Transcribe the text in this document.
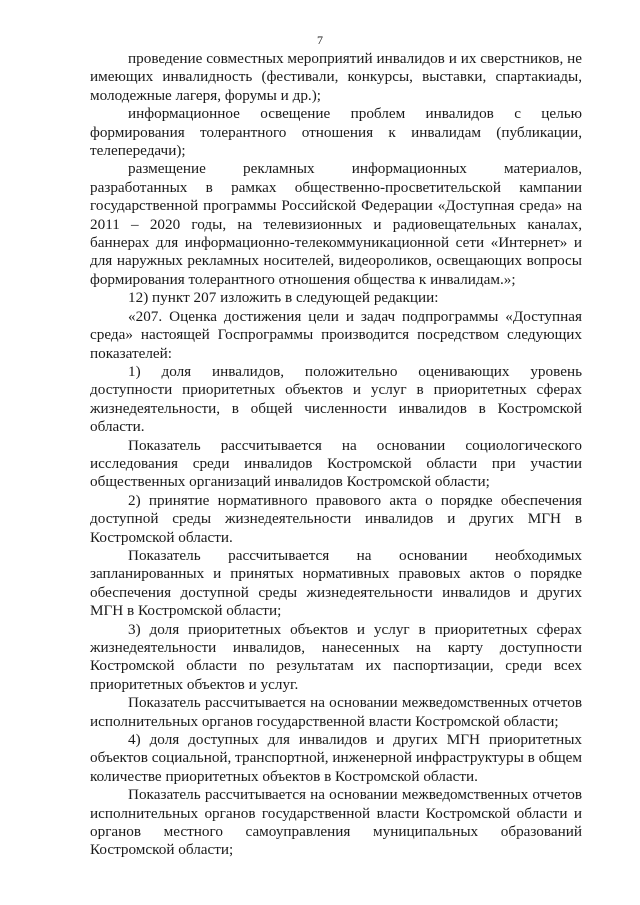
7

проведение совместных мероприятий инвалидов и их сверстников, не имеющих инвалидность (фестивали, конкурсы, выставки, спартакиады, молодежные лагеря, форумы и др.);

информационное освещение проблем инвалидов с целью формирования толерантного отношения к инвалидам (публикации, телепередачи);

размещение рекламных информационных материалов, разработанных в рамках общественно-просветительской кампании государственной программы Российской Федерации «Доступная среда» на 2011 – 2020 годы, на телевизионных и радиовещательных каналах, баннерах для информационно-телекоммуникационной сети «Интернет» и для наружных рекламных носителей, видеороликов, освещающих вопросы формирования толерантного отношения общества к инвалидам.»;

12) пункт 207 изложить в следующей редакции:

«207. Оценка достижения цели и задач подпрограммы «Доступная среда» настоящей Госпрограммы производится посредством следующих показателей:

1) доля инвалидов, положительно оценивающих уровень доступности приоритетных объектов и услуг в приоритетных сферах жизнедеятельности, в общей численности инвалидов в Костромской области.

Показатель рассчитывается на основании социологического исследования среди инвалидов Костромской области при участии общественных организаций инвалидов Костромской области;

2) принятие нормативного правового акта о порядке обеспечения доступной среды жизнедеятельности инвалидов и других МГН в Костромской области.

Показатель рассчитывается на основании необходимых запланированных и принятых нормативных правовых актов о порядке обеспечения доступной среды жизнедеятельности инвалидов и других МГН в Костромской области;

3) доля приоритетных объектов и услуг в приоритетных сферах жизнедеятельности инвалидов, нанесенных на карту доступности Костромской области по результатам их паспортизации, среди всех приоритетных объектов и услуг.

Показатель рассчитывается на основании межведомственных отчетов исполнительных органов государственной власти Костромской области;

4) доля доступных для инвалидов и других МГН приоритетных объектов социальной, транспортной, инженерной инфраструктуры в общем количестве приоритетных объектов в Костромской области.

Показатель рассчитывается на основании межведомственных отчетов исполнительных органов государственной власти Костромской области и органов местного самоуправления муниципальных образований Костромской области;
